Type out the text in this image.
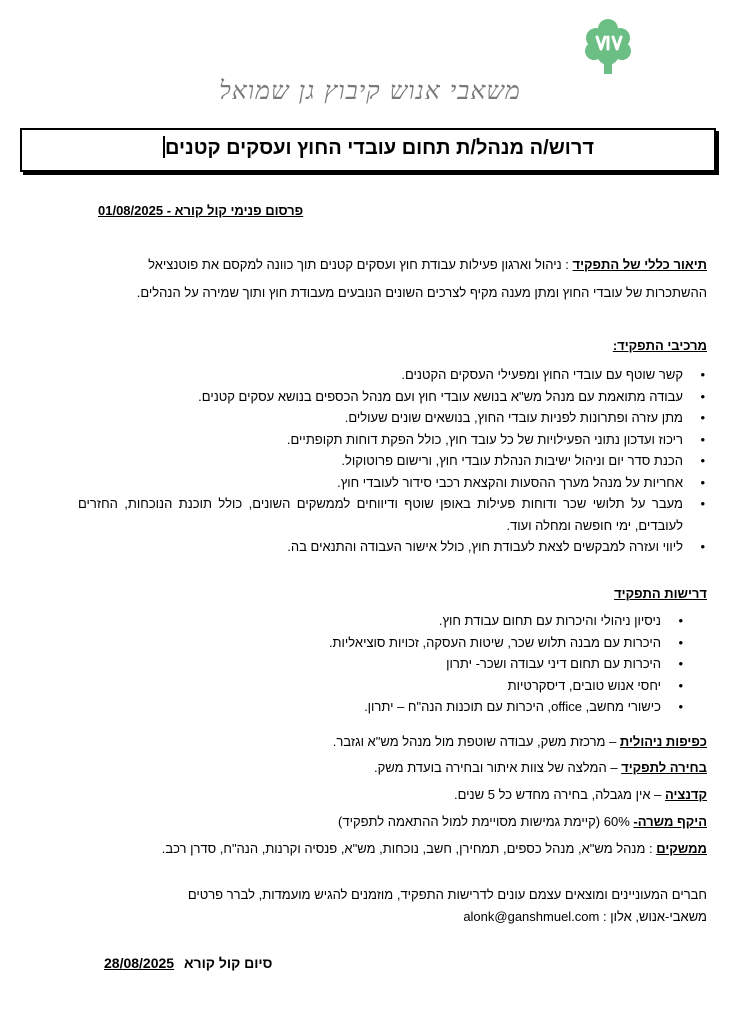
משאבי אנוש קיבוץ גן שמואל
דרוש/ה מנהל/ת תחום עובדי החוץ ועסקים קטנים
פרסום פנימי קול קורא - 01/08/2025
תיאור כללי של התפקיד : ניהול וארגון פעילות עבודת חוץ ועסקים קטנים תוך כוונה למקסם את פוטנציאל
ההשתכרות של עובדי החוץ ומתן מענה מקיף לצרכים השונים הנובעים מעבודת חוץ ותוך שמירה על הנהלים.
מרכיבי התפקיד:
• קשר שוטף עם עובדי החוץ ומפעילי העסקים הקטנים.
• עבודה מתואמת עם מנהל מש"א בנושא עובדי חוץ ועם מנהל הכספים בנושא עסקים קטנים.
• מתן עזרה ופתרונות לפניות עובדי החוץ, בנושאים שונים שעולים.
• ריכוז ועדכון נתוני הפעילויות של כל עובד חוץ, כולל הפקת דוחות תקופתיים.
• הכנת סדר יום וניהול ישיבות הנהלת עובדי חוץ, ורישום פרוטוקול.
• אחריות על מנהל מערך ההסעות והקצאת רכבי סידור לעובדי חוץ.
• מעבר על תלושי שכר ודוחות פעילות באופן שוטף ודיווחים לממשקים השונים, כולל תוכנת הנוכחות, החזרים לעובדים, ימי חופשה ומחלה ועוד.
• ליווי ועזרה למבקשים לצאת לעבודת חוץ, כולל אישור העבודה והתנאים בה.
דרישות התפקיד
• ניסיון ניהולי והיכרות עם תחום עבודת חוץ.
• היכרות עם מבנה תלוש שכר, שיטות העסקה, זכויות סוציאליות.
• היכרות עם תחום דיני עבודה ושכר- יתרון
• יחסי אנוש טובים, דיסקרטיות
• כישורי מחשב, office, היכרות עם תוכנות הנה"ח – יתרון.
כפיפות ניהולית – מרכזת משק, עבודה שוטפת מול מנהל מש"א וגזבר.
בחירה לתפקיד – המלצה של צוות איתור ובחירה בועדת משק.
קדנציה – אין מגבלה, בחירה מחדש כל 5 שנים.
היקף משרה- 60% (קיימת גמישות מסויימת למול ההתאמה לתפקיד)
ממשקים : מנהל מש"א, מנהל כספים, תמחירן, חשב, נוכחות, מש"א, פנסיה וקרנות, הנה"ח, סדרן רכב.
חברים המעוניינים ומוצאים עצמם עונים לדרישות התפקיד, מוזמנים להגיש מועמדות, לברר פרטים
משאבי-אנוש, אלון : alonk@ganshmuel.com
סיום קול קורא 28/08/2025
